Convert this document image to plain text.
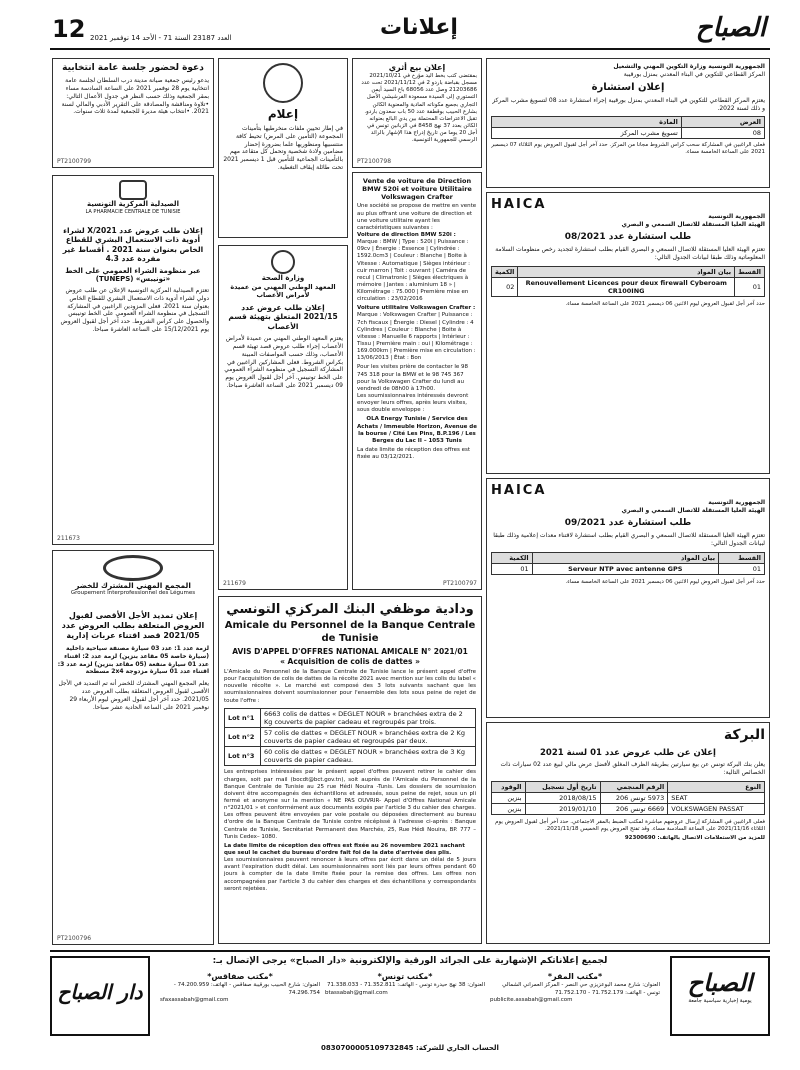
12 العدد 23187 السنة 71 - الأحد 14 نوفمبر 2021	إعلانات	الصباح
دعوة لحضور جلسة عامة انتخابية
يدعو رئيس جمعية صيانة مدينة درب السلطان لجلسة عامة انتخابية يوم 28 نوفمبر 2021 على الساعة السادسة مساء بمقر الجمعية وذلك حسب النظر في جدول الأعمال التالي: •تلاوة ومناقشة والمصادقة على التقرير الأدبي والمالي لسنة 2021. •انتخاب هيئة مديرة للجمعية لمدة ثلاث سنوات.
PT2100799
الصيدلية المركزية التونسية
LA PHARMACIE CENTRALE DE TUNISIE
إعلان طلب عروض عدد X/2021 لشراء أدوية ذات الاستعمال البشري للقطاع الخاص بعنوان سنة 2021 . أقساط غير مفردة عدد 4.3
عبر منظومة الشراء العمومي على الخط «تونيبس» (TUNEPS)
تعتزم الصيدلية المركزية التونسية الإعلان عن طلب عروض دولي لشراء أدوية ذات الاستعمال البشري للقطاع الخاص بعنوان سنة 2021. فعلى المزودين الراغبين في المشاركة التسجيل في منظومة الشراء العمومي على الخط تونيبس والحصول على كراس الشروط. حدد آخر أجل لقبول العروض يوم 15/12/2021 على الساعة العاشرة صباحا.
211673
المجمع المهني المشترك للخضر
Groupement Interprofessionnel des Légumes
إعلان تمديد الأجل الأقصى لقبول العروض المتعلقة بطلب العروض عدد 2021/05 قصد اقتناء عربات إدارية
لزمة عدد 1: عدد 03 سيارة مصنفة سياحية داخلية (سيارة خاصة 05 مقاعد بنزين) لزمة عدد 2: اقتناء عدد 01 سيارة منفعة (05 مقاعد بنزين) لزمة عدد 3: اقتناء عدد 01 سيارة مزدوجة 2x4 مسطحة
يعلم المجمع المهني المشترك للخضر أنه تم التمديد في الأجل الأقصى لقبول العروض المتعلقة بطلب العروض عدد 2021/05. حدد آخر أجل لقبول العروض ليوم الأربعاء 29 نوفمبر 2021 على الساعة الحادية عشر صباحا.
PT2100796
إعلام
في إطار تحيين ملفات منخرطيها بتأمينات المجموعة (التأمين على المرض) تحيط كافة منتسبيها ومنظوريها علما بضرورة إحضار مضامين ولادة شخصية وتحمل كل متقاعد مهم بالتأمينات الجماعية للتأمين قبل 1 ديسمبر 2021 تحت طائلة إيقاف التغطية.
وزارة الصحة
المعهد الوطني المهني من عميدة لأمراض الأعصاب
إعلان طلب عروض عدد 2021/15 المتعلق بتهيئة قسم الأعصاب
يعتزم المعهد الوطني المهني من عميدة لأمراض الأعصاب إجراء طلب عروض قصد تهيئة قسم الأعصاب، وذلك حسب المواصفات المبينة بكراس الشروط. فعلى المشاركين الراغبين في المشاركة التسجيل في منظومة الشراء العمومي على الخط تونيبس. آخر أجل لقبول العروض يوم 09 ديسمبر 2021 على الساعة العاشرة صباحا.
211679
إعلان بيع أثري
بمقتضى كتب بخط اليد مؤرخ في 2021/10/21 مسجل بقباضة باردو 2 في 2021/11/12 تحت عدد 21203686 وصل عدد 68056 باع السيد أيمن التستوري إلى السيدة مسعودة الفرشيشي الأصل التجاري بجميع مكوناته المادية والمعنوية الكائن بشارع الحبيب بوقطفة عدد 50 باب سعدون باردو. تقبل الاعتراضات المحتملة بين يدي البائع بعنوانه الكائن بعدد 37 نهج 8458 في الزبانين تونس في أجل 20 يوما من تاريخ إدراج هذا الإشهار بالرائد الرسمي للجمهورية التونسية.
PT2100798
Vente de voiture de Direction BMW 520i et voiture Utilitaire Volkswagen Crafter
Une société se propose de mettre en vente au plus offrant une voiture de direction et une voiture utilitaire ayant les caractéristiques suivantes :
Voiture de direction BMW 520i :
Marque : BMW | Type : 520i | Puissance : 09cv | Énergie : Essence | Cylindrée : 1592.0cm3 | Couleur : Blanche | Boite à Vitesse : Automatique | Sièges intérieur : cuir marron | Toit : ouvrant | Caméra de recul | Climatronic | Sièges électriques à mémoire | Jantes : aluminium 18 » | Kilométrage : 75.000 | Première mise en circulation : 23/02/2016
Voiture utilitaire Volkswagen Crafter :
Marque : Volkswagen Crafter | Puissance : 7ch fiscaux | Énergie : Diesel | Cylindre : 4 Cylindres | Couleur : Blanche | Boite à vitesse : Manuelle 6 rapports | Intérieur : Tissu | Première main : oui | Kilométrage : 169.000km | Première mise en circulation : 13/06/2013 | État : Bon
Pour les visites prière de contacter le 98 745 318 pour la BMW et le 98 745 367 pour la Volkswagen Crafter du lundi au vendredi de 08h00 à 17h00.
Les soumissionnaires intéressés devront envoyer leurs offres, après leurs visites, sous double enveloppe :
OLA Energy Tunisie / Service des Achats / Immeuble Horizon, Avenue de la bourse / Cité Les Pins, B.P.196 / Les Berges du Lac II – 1053 Tunis
La date limite de réception des offres est fixée au 03/12/2021.
PT2100797
الجمهورية التونسية وزارة التكوين المهني والتشغيل
المركز القطاعي للتكوين في البناء المعدني بمنزل بورقيبة
إعلان استشارة
يعتزم المركز القطاعي للتكوين في البناء المعدني بمنزل بورقيبة إجراء استشارة عدد 08 لتسويغ مشرب المركز و ذلك لسنة 2022.
العرض	المادة
08	تسويغ مشرب المركز
فعلى الراغبين في المشاركة سحب كراس الشروط مجانا من المركز. حدد آخر أجل لقبول العروض يوم الثلاثاء 07 ديسمبر 2021 على الساعة الخامسة مساء.
HAICA
الجمهورية التونسية
الهيئة العليا المستقلة للاتصال السمعي و البصري
طلب استشارة عدد 08/2021
تعتزم الهيئة العليا المستقلة للاتصال السمعي و البصري القيام بطلب استشارة لتجديد رخص منظومات السلامة المعلوماتية وذلك طبقا لبيانات الجدول التالي:
القسط	بيان المواد	الكمية
01	Renouvellement Licences pour deux firewall Cyberoam CR100ING	02
حدد آخر أجل لقبول العروض ليوم الاثنين 06 ديسمبر 2021 على الساعة الخامسة مساء.
HAICA
الجمهورية التونسية
الهيئة العليا المستقلة للاتصال السمعي و البصري
طلب استشارة عدد 09/2021
تعتزم الهيئة العليا المستقلة للاتصال السمعي و البصري القيام بطلب استشارة لاقتناء معدات إعلامية وذلك طبقا لبيانات الجدول التالي:
القسط	بيان المواد	الكمية
01	Serveur NTP avec antenne GPS	01
حدد آخر أجل لقبول العروض ليوم الاثنين 06 ديسمبر 2021 على الساعة الخامسة مساء.
البركة
إعلان عن طلب عروض عدد 01 لسنة 2021
يعلن بنك البركة تونس عن بيع سيارتين بطريقة الظرف المغلق لأفضل عرض مالي لبيع عدد 02 سيارات ذات الخصائص التالية:
النوع	الرقم المنجمي	تاريخ أول تسجيل	الوقود
SEAT	5973 تونس 206	2018/08/15	بنزين
VOLKSWAGEN PASSAT	6669 تونس 206	2019/01/10	بنزين
فعلى الراغبين في المشاركة إرسال عروضهم مباشرة لمكتب الضبط بالمقر الاجتماعي. حدد آخر أجل لقبول العروض يوم الثلاثاء 2021/11/16 على الساعة السادسة مساء. وقد تفتح العروض يوم الخميس 2021/11/18.
للمزيد من الاستعلامات الاتصال بالهاتف: 92300690
ودادية موظفي البنك المركزي التونسي
Amicale du Personnel de la Banque Centrale de Tunisie
AVIS D'APPEL D'OFFRES NATIONAL AMICALE N° 2021/01
« Acquisition de colis de dattes »
L'Amicale du Personnel de la Banque Centrale de Tunisie lance le présent appel d'offre pour l'acquisition de colis de dattes de la récolte 2021 avec mention sur les colis du label « nouvelle récolte ». Le marché est composé des 3 lots suivants sachant que les soumissionnaires doivent soumissionner pour l'ensemble des lots sous peine de rejet de toute l'offre :
Lot n°1	6663 colis de dattes « DEGLET NOUR » branchées extra de 2 Kg couverts de papier cadeau et regroupés par trois.
Lot n°2	57 colis de dattes « DEGLET NOUR » branchées extra de 2 Kg couverts de papier cadeau et regroupés par deux.
Lot n°3	60 colis de dattes « DEGLET NOUR » branchées extra de 3 Kg couverts de papier cadeau.
Les entreprises intéressées par le présent appel d'offres peuvent retirer le cahier des charges, soit par mail (bocdt@bct.gov.tn), soit auprès de l'Amicale du Personnel de la Banque Centrale de Tunisie au 25 rue Hédi Nouira -Tunis. Les dossiers de soumission doivent être accompagnés des échantillons et adressés, sous peine de rejet, sous un pli fermé et anonyme sur la mention « NE PAS OUVRIR- Appel d'Offres National Amicale n°2021/01 » et conformément aux documents exigés par l'article 3 du cahier des charges. Les offres peuvent être envoyées par voie postale ou déposées directement au bureau d'ordre de la Banque Centrale de Tunisie contre récépissé à l'adresse ci-après : Banque Centrale de Tunisie, Secrétariat Permanent des Marchés, 25, Rue Hédi Nouira, BP. 777 – Tunis Cedex– 1080.
La date limite de réception des offres est fixée au 26 novembre 2021 sachant que seul le cachet du bureau d'ordre fait foi de la date d'arrivée des plis.
Les soumissionnaires peuvent renoncer à leurs offres par écrit dans un délai de 5 jours avant l'expiration dudit délai. Les soumissionnaires sont liés par leurs offres pendant 60 jours à compter de la date limite fixée pour la remise des offres. Les offres non accompagnées par l'article 3 du cahier des charges et des échantillons y correspondants seront rejetées.
لجميع إعلاناتكم الإشهارية على الجرائد الورقية والإلكترونية «دار الصباح» يرجى الإتصال بـ:
الصباح
يومية إخبارية سياسية جامعة
دار الصباح
*مكتب المقر*
العنوان: شارع محمد البوعزيزي حي النصر - المركز العمراني الشمالي تونس - الهاتف: 71.752.179 - 71.752.170
publicite.assabah@gmail.com
*مكتب تونس*
العنوان: 38 نهج حيدرة تونس - الهاتف: 71.352.811 - 71.338.033
btassabah@gmail.com
*مكتب صفاقس*
العنوان: شارع الحبيب بورقيبة صفاقس - الهاتف: 74.200.959 - 74.296.754
sfaxassabah@gmail.com
الحساب الجاري للشركة: 0830700005109732845
